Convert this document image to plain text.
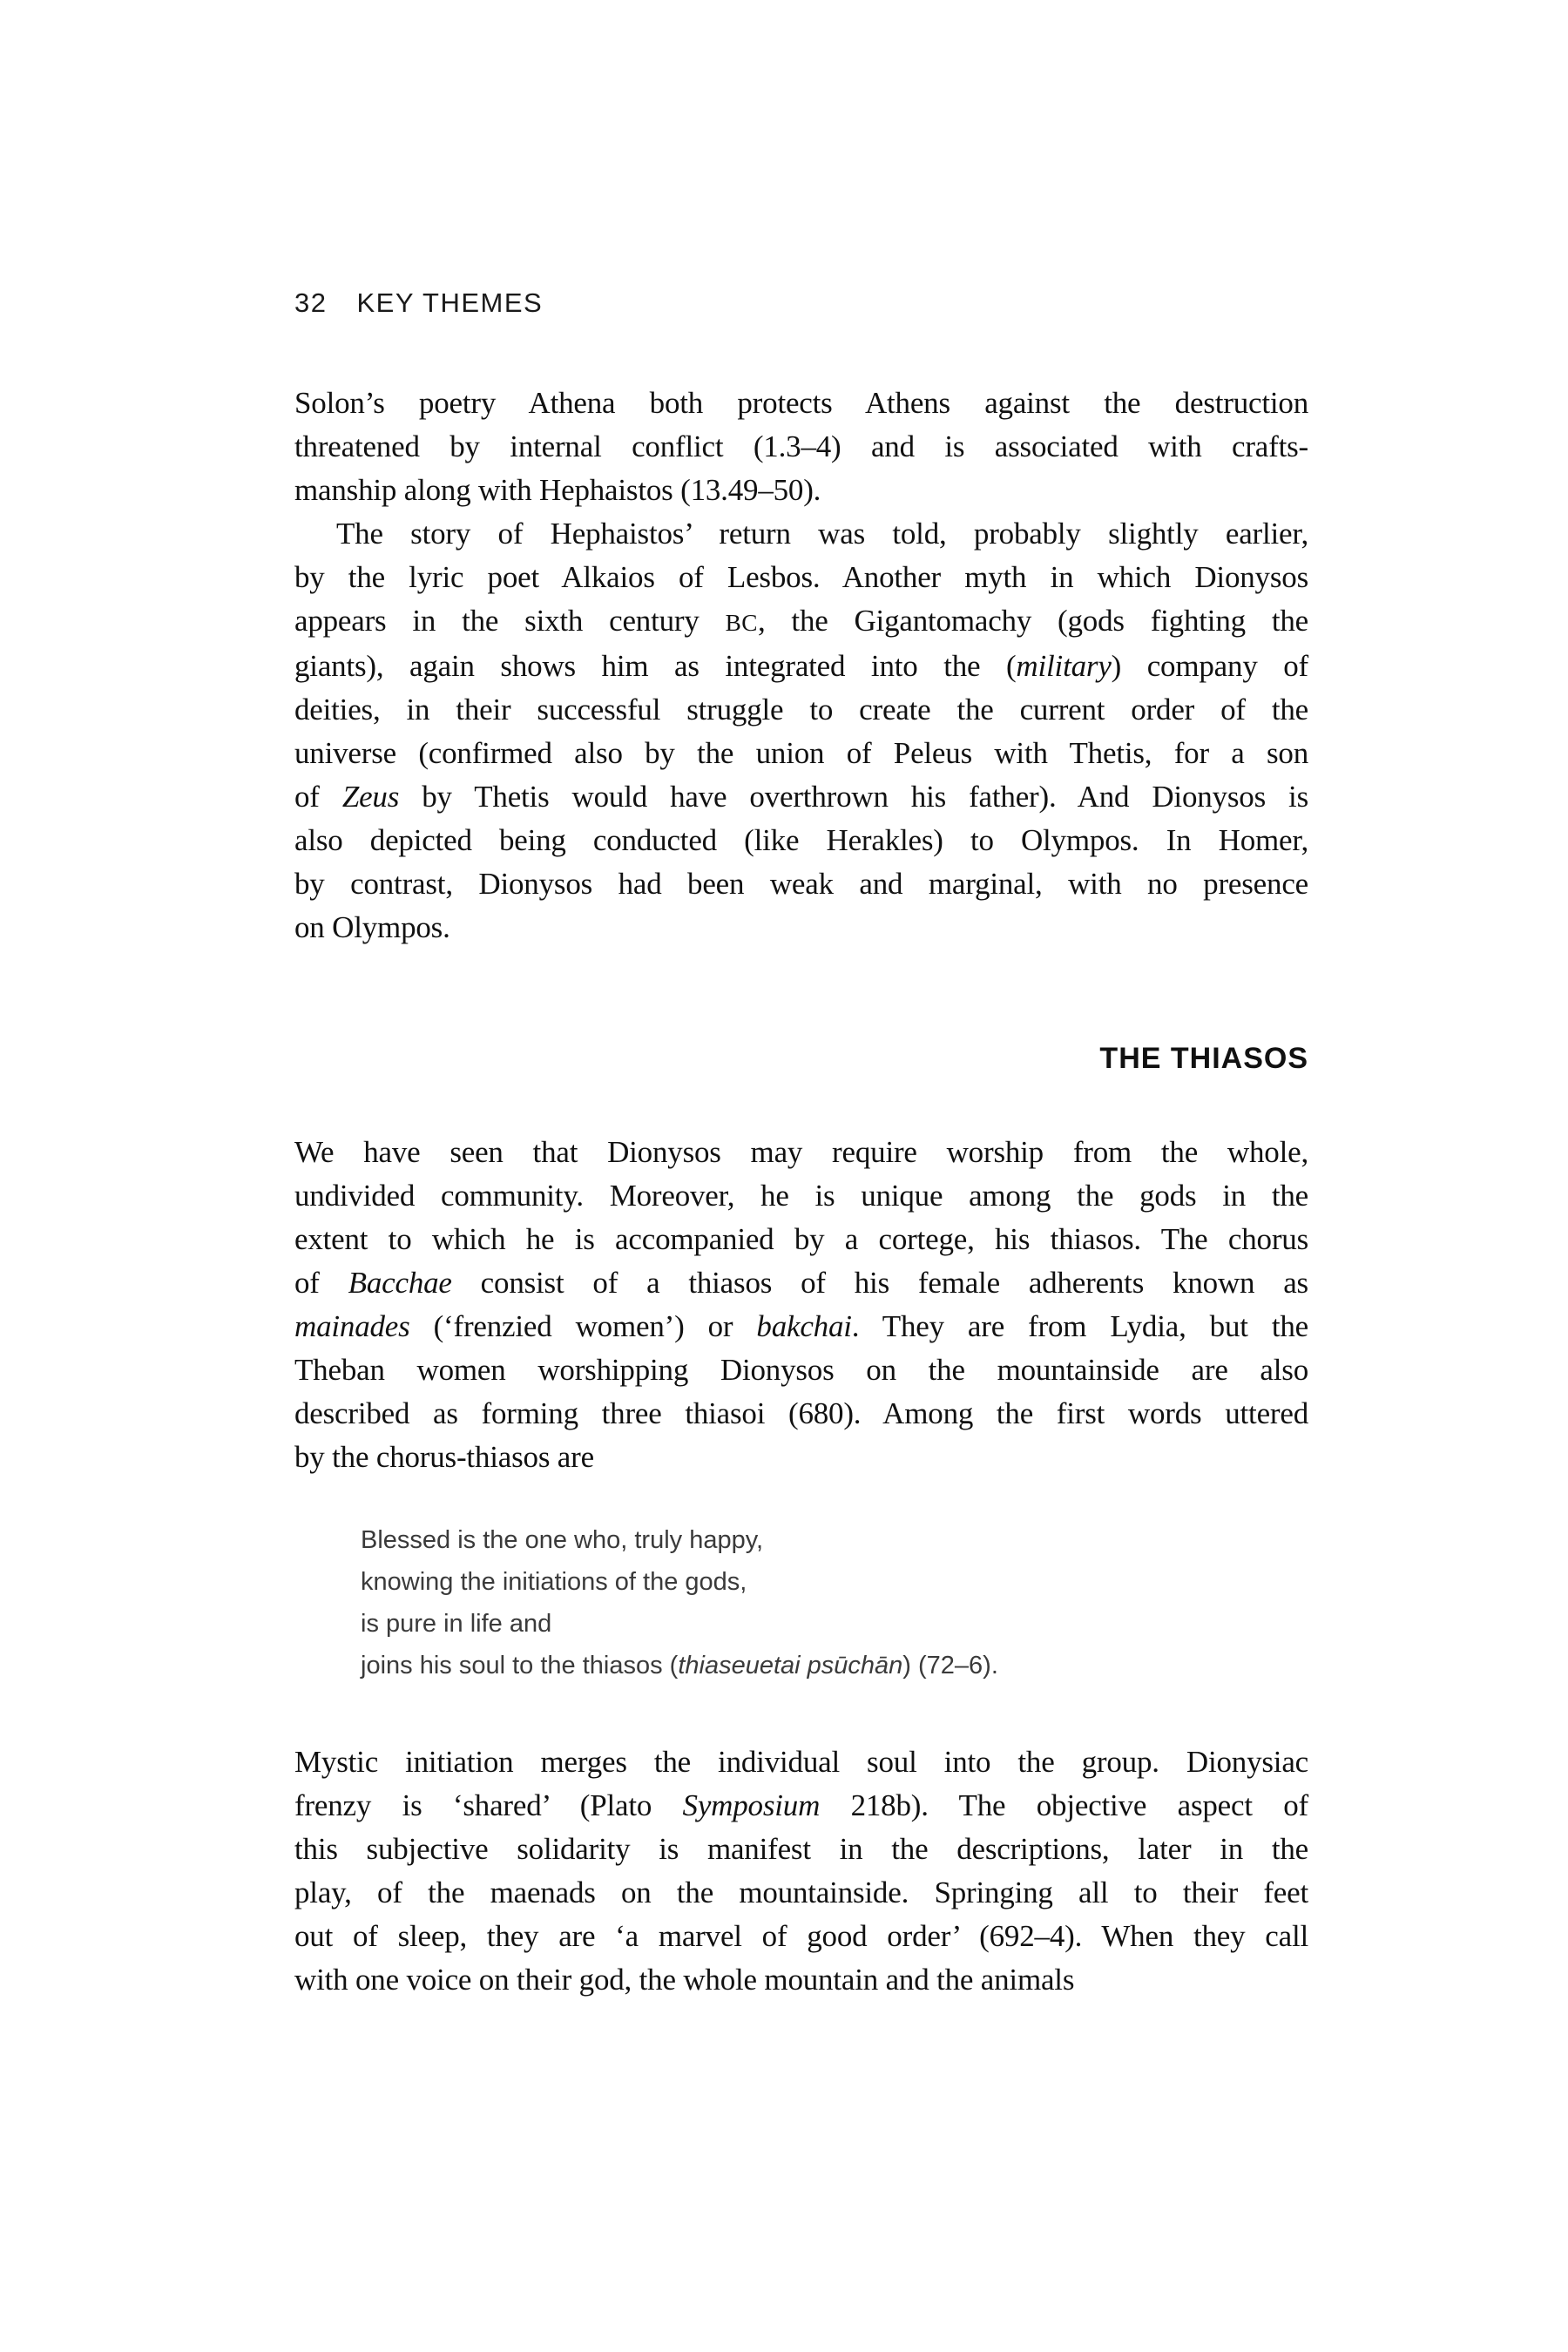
32 KEY THEMES
Solon’s poetry Athena both protects Athens against the destruction
threatened by internal conflict (1.3–4) and is associated with crafts-
manship along with Hephaistos (13.49–50).
The story of Hephaistos’ return was told, probably slightly earlier,
by the lyric poet Alkaios of Lesbos. Another myth in which Dionysos
appears in the sixth century BC, the Gigantomachy (gods fighting the
giants), again shows him as integrated into the (military) company of
deities, in their successful struggle to create the current order of the
universe (confirmed also by the union of Peleus with Thetis, for a son
of Zeus by Thetis would have overthrown his father). And Dionysos is
also depicted being conducted (like Herakles) to Olympos. In Homer,
by contrast, Dionysos had been weak and marginal, with no presence
on Olympos.
THE THIASOS
We have seen that Dionysos may require worship from the whole,
undivided community. Moreover, he is unique among the gods in the
extent to which he is accompanied by a cortege, his thiasos. The chorus
of Bacchae consist of a thiasos of his female adherents known as
mainades (‘frenzied women’) or bakchai. They are from Lydia, but the
Theban women worshipping Dionysos on the mountainside are also
described as forming three thiasoi (680). Among the first words uttered
by the chorus-thiasos are
Blessed is the one who, truly happy,
knowing the initiations of the gods,
is pure in life and
joins his soul to the thiasos (thiaseuetai psūchān) (72–6).
Mystic initiation merges the individual soul into the group. Dionysiac
frenzy is ‘shared’ (Plato Symposium 218b). The objective aspect of
this subjective solidarity is manifest in the descriptions, later in the
play, of the maenads on the mountainside. Springing all to their feet
out of sleep, they are ‘a marvel of good order’ (692–4). When they call
with one voice on their god, the whole mountain and the animals
